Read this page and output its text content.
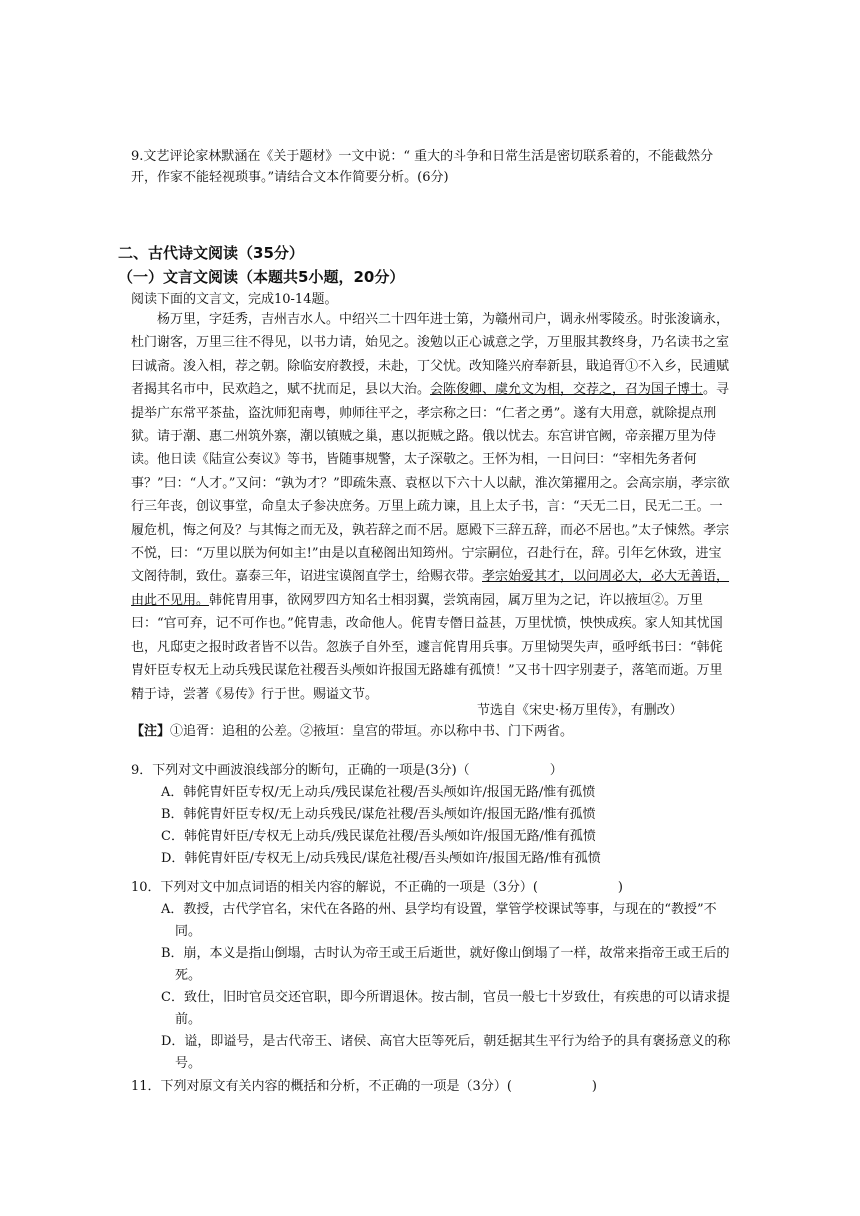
9.文艺评论家林默涵在《关于题材》一文中说：“ 重大的斗争和日常生活是密切联系着的，不能截然分开，作家不能轻视琐事。”请结合文本作简要分析。(6分)

二、古代诗文阅读（35分）
（一）文言文阅读（本题共5小题，20分）
阅读下面的文言文，完成10-14题。

杨万里，字廷秀，吉州吉水人。中绍兴二十四年进士第，为赣州司户，调永州零陵丞。时张浚谪永，杜门谢客，万里三往不得见，以书力请，始见之。浚勉以正心诚意之学，万里服其教终身，乃名读书之室曰诚斋。浚入相，荐之朝。除临安府教授，未赴，丁父忧。改知隆兴府奉新县，戢追胥①不入乡，民逋赋者揭其名市中，民欢趋之，赋不扰而足，县以大治。会陈俊卿、虞允文为相，交荐之，召为国子博士。寻提举广东常平茶盐，盗沈师犯南粤，帅师往平之，孝宗称之曰：“仁者之勇”。遂有大用意，就除提点刑狱。请于潮、惠二州筑外寨，潮以镇贼之巢，惠以扼贼之路。俄以忧去。东宫讲官阙，帝亲擢万里为侍读。他日读《陆宣公奏议》等书，皆随事规警，太子深敬之。王怀为相，一日问曰：“宰相先务者何事？”曰：“人才。”又问：“孰为才？”即疏朱熹、袁枢以下六十人以献，淮次第擢用之。会高宗崩，孝宗欲行三年丧，创议事堂，命皇太子参决庶务。万里上疏力谏，且上太子书，言：“天无二日，民无二王。一履危机，悔之何及？与其悔之而无及，孰若辞之而不居。愿殿下三辞五辞，而必不居也。”太子悚然。孝宗不悦，曰：“万里以朕为何如主!”由是以直秘阁出知筠州。宁宗嗣位，召赴行在，辞。引年乞休致，进宝文阁待制，致仕。嘉泰三年，诏进宝谟阁直学士，给赐衣带。孝宗始爱其才，以问周必大，必大无善语，由此不见用。韩侂胄用事，欲网罗四方知名士相羽翼，尝筑南园，属万里为之记，许以掖垣②。万里曰：“官可弃，记不可作也。”侂胄恚，改命他人。侂胄专僭日益甚，万里忧愤，怏怏成疾。家人知其忧国也，凡邸吏之报时政者皆不以告。忽族子自外至，遽言侂胄用兵事。万里恸哭失声，亟呼纸书曰：“韩侂胄奸臣专权无上动兵残民谋危社稷吾头颅如许报国无路雄有孤愤！”又书十四字别妻子，落笔而逝。万里精于诗，尝著《易传》行于世。赐谥文节。

节选自《宋史·杨万里传》，有删改）
【注】①追胥：追租的公差。②掖垣：皇宫的带垣。亦以称中书、门下两省。

9．下列对文中画波浪线部分的断句，正确的一项是(3分)（	）

A．韩侂胄奸臣专权/无上动兵/残民谋危社稷/吾头颅如许/报国无路/惟有孤愤

B．韩侂胄奸臣专权/无上动兵残民/谋危社稷/吾头颅如许/报国无路/惟有孤愤

C．韩侂胄奸臣/专权无上动兵/残民谋危社稷/吾头颅如许/报国无路/惟有孤愤

D．韩侂胄奸臣/专权无上/动兵残民/谋危社稷/吾头颅如许/报国无路/惟有孤愤

10．下列对文中加点词语的相关内容的解说，不正确的一项是（3分）(	)

A．教授，古代学官名，宋代在各路的州、县学均有设置，掌管学校课试等事，与现在的“教授”不同。

B．崩，本义是指山倒塌，古时认为帝王或王后逝世，就好像山倒塌了一样，故常来指帝王或王后的死。

C．致仕，旧时官员交还官职，即今所谓退休。按古制，官员一般七十岁致仕，有疾患的可以请求提前。

D．谥，即谥号，是古代帝王、诸侯、高官大臣等死后，朝廷据其生平行为给予的具有褒扬意义的称号。

11．下列对原文有关内容的概括和分析，不正确的一项是（3分）(	)
